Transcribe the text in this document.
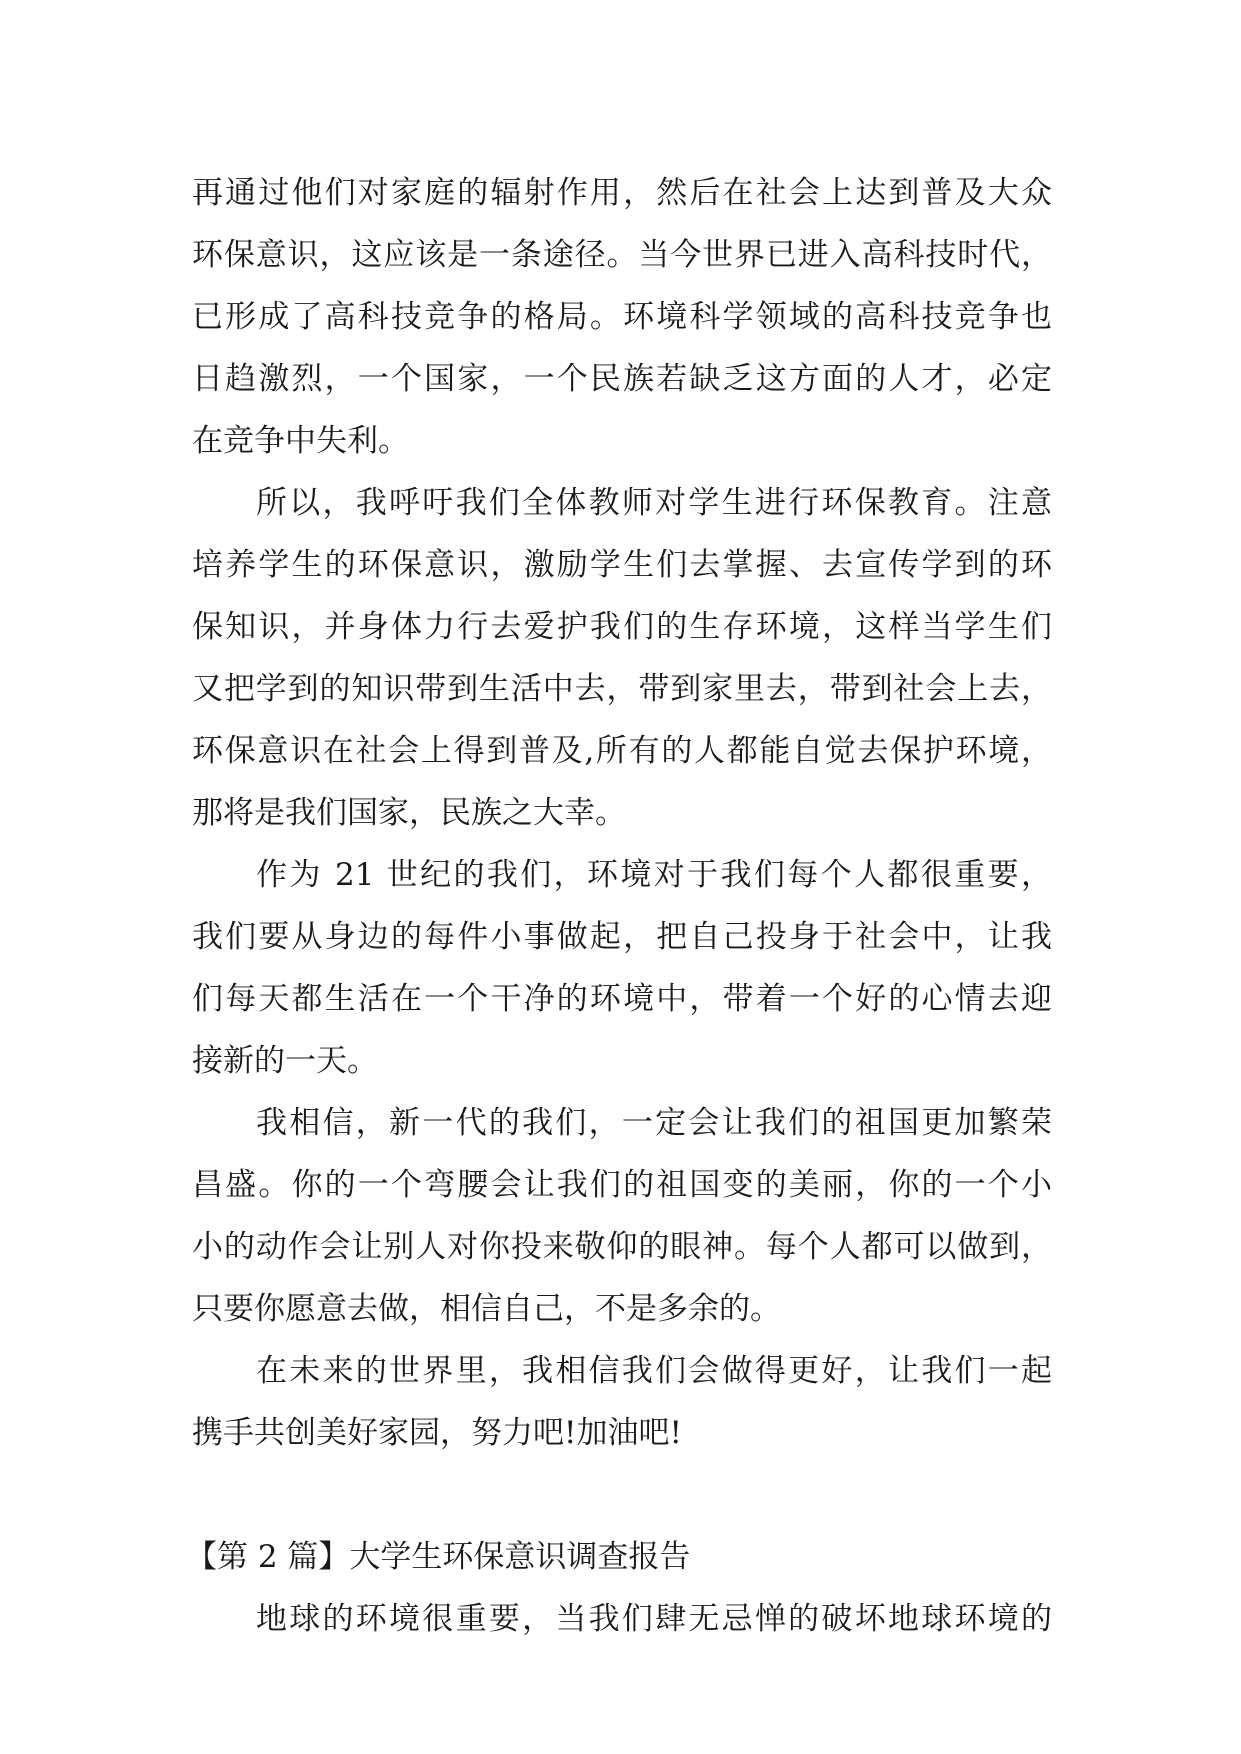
再通过他们对家庭的辐射作用，然后在社会上达到普及大众
环保意识，这应该是一条途径。当今世界已进入高科技时代，
已形成了高科技竞争的格局。环境科学领域的高科技竞争也
日趋激烈，一个国家，一个民族若缺乏这方面的人才，必定
在竞争中失利。
所以，我呼吁我们全体教师对学生进行环保教育。注意
培养学生的环保意识，激励学生们去掌握、去宣传学到的环
保知识，并身体力行去爱护我们的生存环境，这样当学生们
又把学到的知识带到生活中去，带到家里去，带到社会上去，
环保意识在社会上得到普及,所有的人都能自觉去保护环境，
那将是我们国家，民族之大幸。
作为 21 世纪的我们，环境对于我们每个人都很重要，
我们要从身边的每件小事做起，把自己投身于社会中，让我
们每天都生活在一个干净的环境中，带着一个好的心情去迎
接新的一天。
我相信，新一代的我们，一定会让我们的祖国更加繁荣
昌盛。你的一个弯腰会让我们的祖国变的美丽，你的一个小
小的动作会让别人对你投来敬仰的眼神。每个人都可以做到，
只要你愿意去做，相信自己，不是多余的。
在未来的世界里，我相信我们会做得更好，让我们一起
携手共创美好家园，努力吧!加油吧!
【第 2 篇】大学生环保意识调查报告
地球的环境很重要，当我们肆无忌惮的破坏地球环境的
